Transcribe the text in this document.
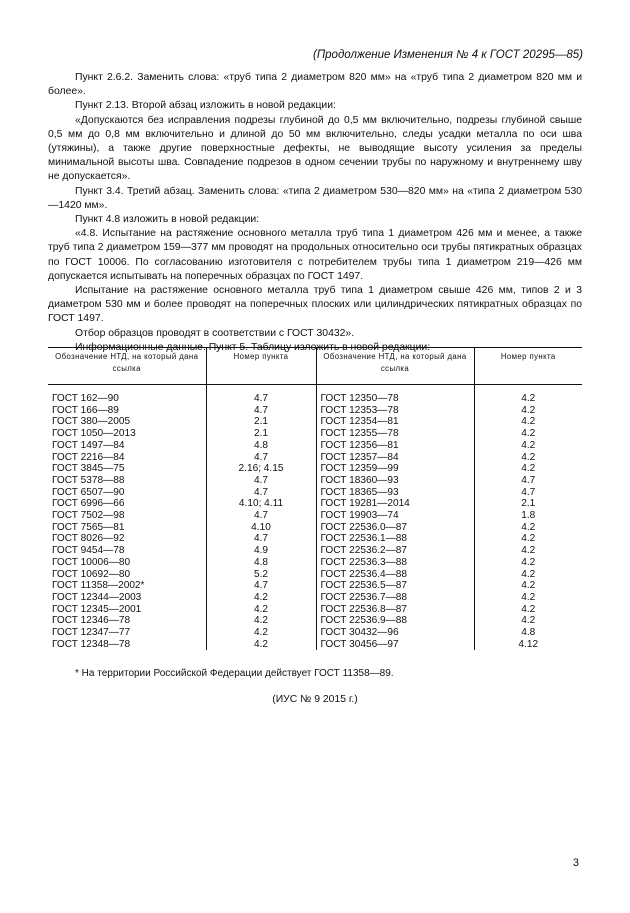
(Продолжение Изменения № 4 к ГОСТ 20295—85)

Пункт 2.6.2. Заменить слова: «труб типа 2 диаметром 820 мм» на «труб типа 2 диаметром 820 мм и более».

Пункт 2.13. Второй абзац изложить в новой редакции:

«Допускаются без исправления подрезы глубиной до 0,5 мм включительно, подрезы глубиной свыше 0,5 мм до 0,8 мм включительно и длиной до 50 мм включительно, следы усадки металла по оси шва (утяжины), а также другие поверхностные дефекты, не выводящие высоту усиления за пределы минимальной высоты шва. Совпадение подрезов в одном сечении трубы по наружному и внутреннему шву не допускается».

Пункт 3.4. Третий абзац. Заменить слова: «типа 2 диаметром 530—820 мм» на «типа 2 диаметром 530—1420 мм».

Пункт 4.8 изложить в новой редакции:

«4.8. Испытание на растяжение основного металла труб типа 1 диаметром 426 мм и менее, а также труб типа 2 диаметром 159—377 мм проводят на продольных относительно оси трубы пятикратных образцах по ГОСТ 10006. По согласованию изготовителя с потребителем трубы типа 1 диаметром 219—426 мм допускается испытывать на поперечных образцах по ГОСТ 1497.

Испытание на растяжение основного металла труб типа 1 диаметром свыше 426 мм, типов 2 и 3 диаметром 530 мм и более проводят на поперечных плоских или цилиндрических пятикратных образцах по ГОСТ 1497.

Отбор образцов проводят в соответствии с ГОСТ 30432».

Информационные данные. Пункт 5. Таблицу изложить в новой редакции:

Обозначение НТД, на который дана ссылка	Номер пункта	Обозначение НТД, на который дана ссылка	Номер пункта
ГОСТ 162—90	4.7	ГОСТ 12350—78	4.2
ГОСТ 166—89	4.7	ГОСТ 12353—78	4.2
ГОСТ 380—2005	2.1	ГОСТ 12354—81	4.2
ГОСТ 1050—2013	2.1	ГОСТ 12355—78	4.2
ГОСТ 1497—84	4.8	ГОСТ 12356—81	4.2
ГОСТ 2216—84	4.7	ГОСТ 12357—84	4.2
ГОСТ 3845—75	2.16; 4.15	ГОСТ 12359—99	4.2
ГОСТ 5378—88	4.7	ГОСТ 18360—93	4.7
ГОСТ 6507—90	4.7	ГОСТ 18365—93	4.7
ГОСТ 6996—66	4.10; 4.11	ГОСТ 19281—2014	2.1
ГОСТ 7502—98	4.7	ГОСТ 19903—74	1.8
ГОСТ 7565—81	4.10	ГОСТ 22536.0—87	4.2
ГОСТ 8026—92	4.7	ГОСТ 22536.1—88	4.2
ГОСТ 9454—78	4.9	ГОСТ 22536.2—87	4.2
ГОСТ 10006—80	4.8	ГОСТ 22536.3—88	4.2
ГОСТ 10692—80	5.2	ГОСТ 22536.4—88	4.2
ГОСТ 11358—2002*	4.7	ГОСТ 22536.5—87	4.2
ГОСТ 12344—2003	4.2	ГОСТ 22536.7—88	4.2
ГОСТ 12345—2001	4.2	ГОСТ 22536.8—87	4.2
ГОСТ 12346—78	4.2	ГОСТ 22536.9—88	4.2
ГОСТ 12347—77	4.2	ГОСТ 30432—96	4.8
ГОСТ 12348—78	4.2	ГОСТ 30456—97	4.12
* На территории Российской Федерации действует ГОСТ 11358—89.
(ИУС № 9 2015 г.)
3
